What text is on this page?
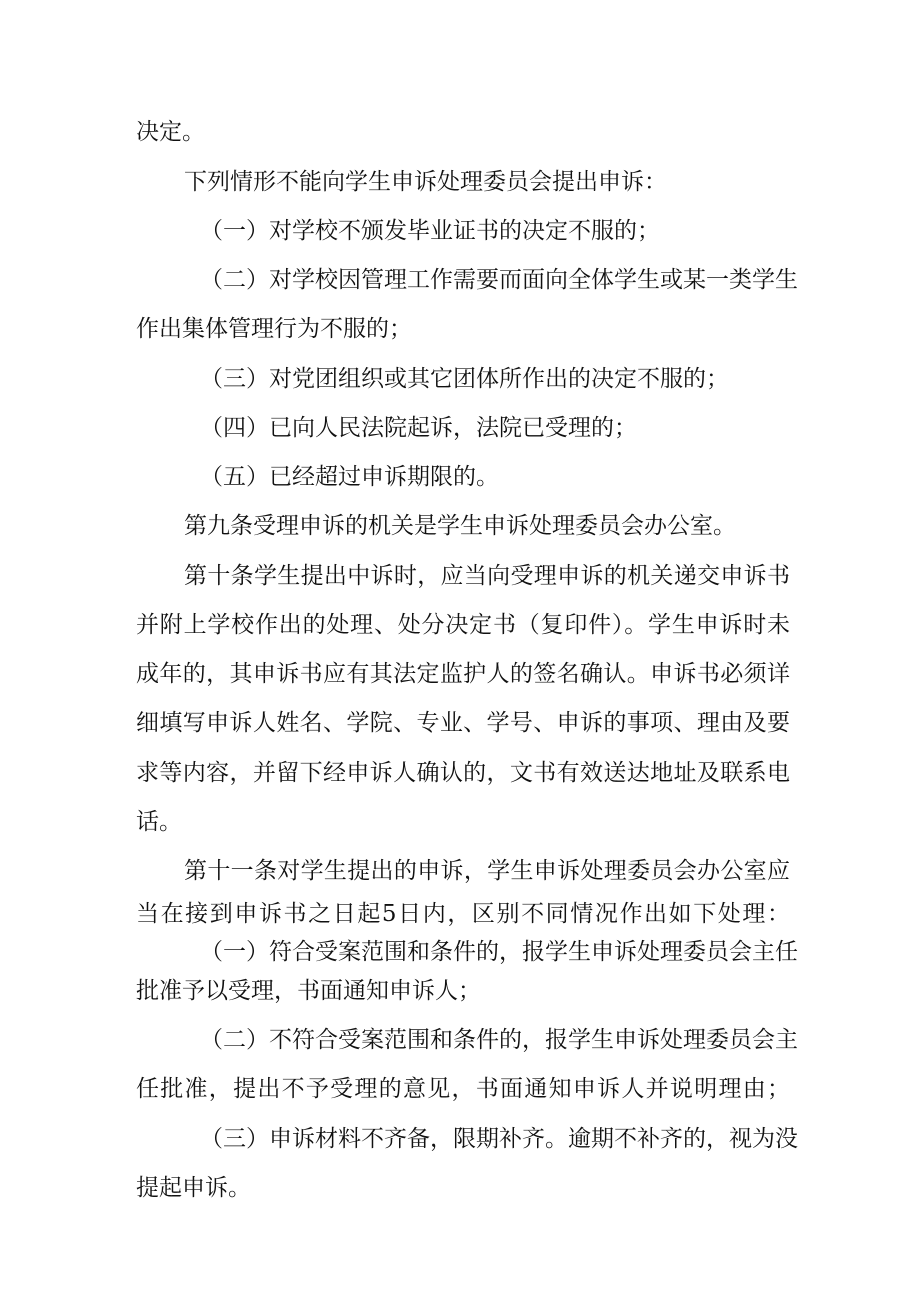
决定。
下列情形不能向学生申诉处理委员会提出申诉：
（一）对学校不颁发毕业证书的决定不服的；
（二）对学校因管理工作需要而面向全体学生或某一类学生
作出集体管理行为不服的；
（三）对党团组织或其它团体所作出的决定不服的；
（四）已向人民法院起诉，法院已受理的；
（五）已经超过申诉期限的。
第九条受理申诉的机关是学生申诉处理委员会办公室。
第十条学生提出中诉时，应当向受理申诉的机关递交申诉书
并附上学校作出的处理、处分决定书（复印件）。学生申诉时未
成年的，其申诉书应有其法定监护人的签名确认。申诉书必须详
细填写申诉人姓名、学院、专业、学号、申诉的事项、理由及要
求等内容，并留下经申诉人确认的，文书有效送达地址及联系电
话。
第十一条对学生提出的申诉，学生申诉处理委员会办公室应
当在接到申诉书之日起5日内，区别不同情况作出如下处理：
（一）符合受案范围和条件的，报学生申诉处理委员会主任
批准予以受理，书面通知申诉人；
（二）不符合受案范围和条件的，报学生申诉处理委员会主
任批准，提出不予受理的意见，书面通知申诉人并说明理由；
（三）申诉材料不齐备，限期补齐。逾期不补齐的，视为没
提起申诉。
